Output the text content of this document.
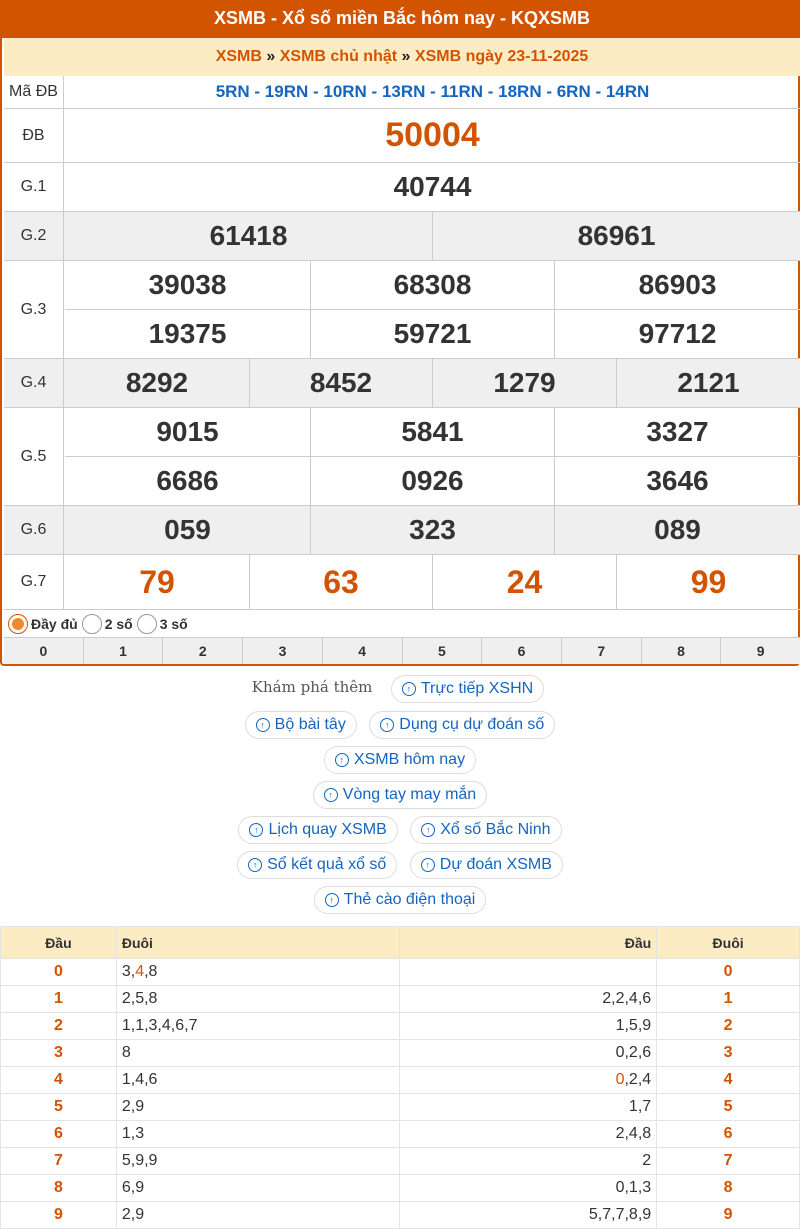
XSMB - Xổ số miền Bắc hôm nay - KQXSMB
XSMB » XSMB chủ nhật » XSMB ngày 23-11-2025
Mã ĐB	5RN - 19RN - 10RN - 13RN - 11RN - 18RN - 6RN - 14RN
ĐB	50004
G.1	40744
G.2	61418	86961
G.3
39038	68308	86903
19375	59721	97712
G.4	8292	8452	1279	2121
G.5
9015	5841	3327
6686	0926	3646
G.6	059	323	089
G.7	79	63	24	99
Đầy đủ 2 số 3 số
0	1	2	3	4	5	6	7	8	9
Khám phá thêm	↑ Trực tiếp XSHN
↑ Bộ bài tây
	↑ Dụng cụ dự đoán số
↑ XSMB hôm nay
↑ Vòng tay may mắn
↑ Lịch quay XSMB
	↑ Xổ số Bắc Ninh
↑ Sổ kết quả xổ số
	↑ Dự đoán XSMB
↑ Thẻ cào điện thoại
Đầu	Đuôi	Đầu	Đuôi
0	3,4,8		0
1	2,5,8	2,2,4,6	1
2	1,1,3,4,6,7	1,5,9	2
3	8	0,2,6	3
4	1,4,6	0,2,4	4
5	2,9	1,7	5
6	1,3	2,4,8	6
7	5,9,9	2	7
8	6,9	0,1,3	8
9	2,9	5,7,7,8,9	9
